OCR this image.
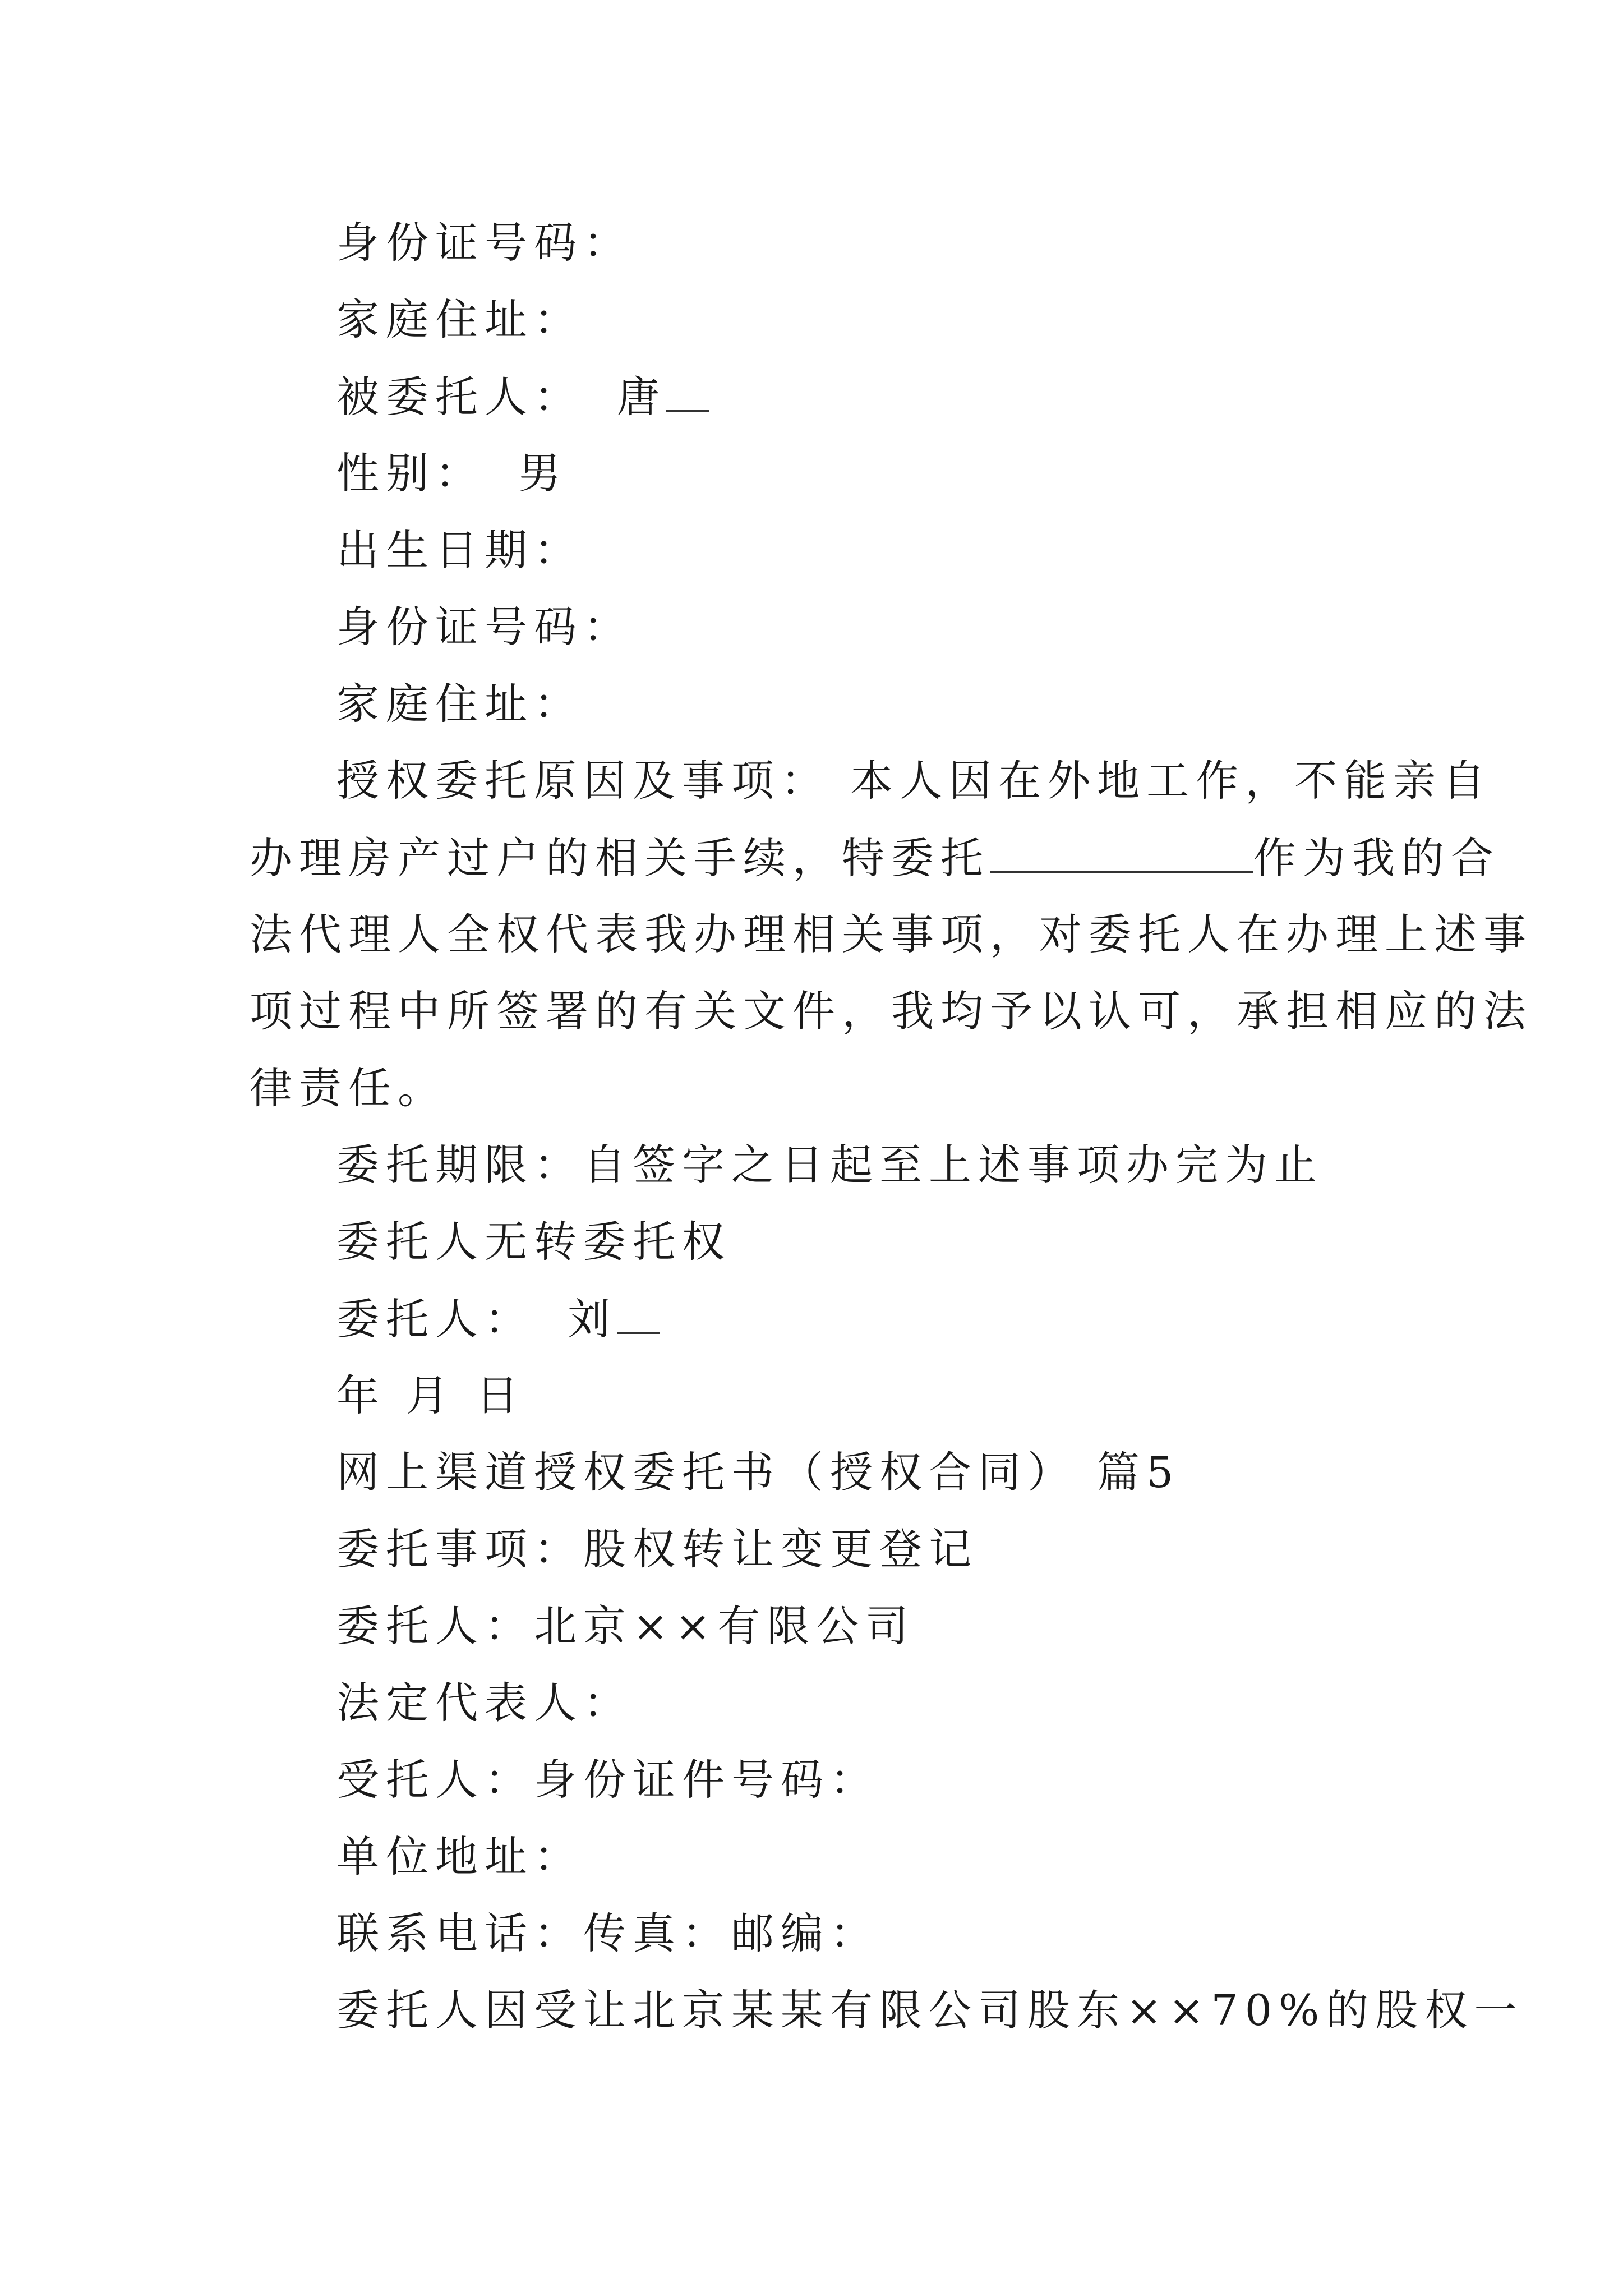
身份证号码：

家庭住址：

被委托人： 唐

性别： 男

出生日期：

身份证号码：

家庭住址：

授权委托原因及事项： 本人因在外地工作，不能亲自

办理房产过户的相关手续，特委托	作为我的合

法代理人全权代表我办理相关事项，对委托人在办理上述事

项过程中所签署的有关文件，我均予以认可，承担相应的法

律责任。

委托期限：自签字之日起至上述事项办完为止

委托人无转委托权

委托人： 刘

年 月 日

网上渠道授权委托书（授权合同） 篇5

委托事项：股权转让变更登记

委托人：北京××有限公司

法定代表人：

受托人：身份证件号码：

单位地址：

联系电话：传真：邮编：

委托人因受让北京某某有限公司股东××70%的股权一
